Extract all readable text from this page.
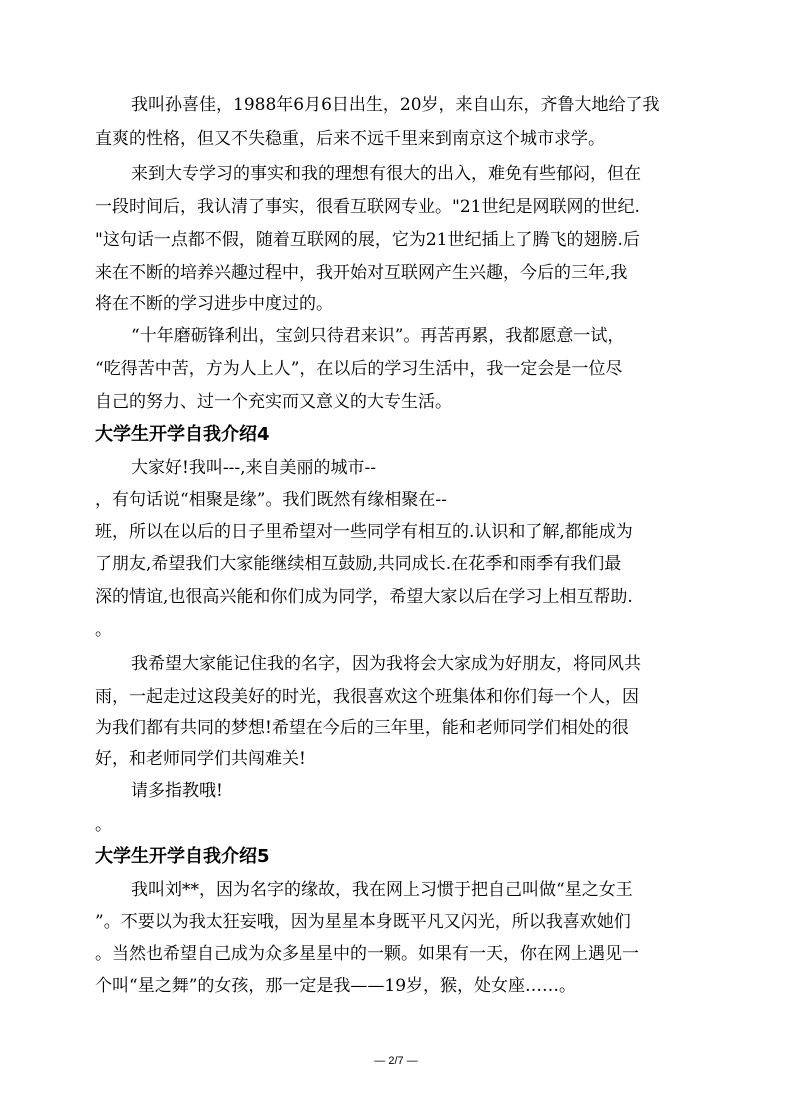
我叫孙喜佳，1988年6月6日出生，20岁，来自山东，齐鲁大地给了我
直爽的性格，但又不失稳重，后来不远千里来到南京这个城市求学。
来到大专学习的事实和我的理想有很大的出入，难免有些郁闷，但在
一段时间后，我认清了事实，很看互联网专业。"21世纪是网联网的世纪.
"这句话一点都不假，随着互联网的展，它为21世纪插上了腾飞的翅膀.后
来在不断的培养兴趣过程中，我开始对互联网产生兴趣，今后的三年,我
将在不断的学习进步中度过的。
“十年磨砺锋利出，宝剑只待君来识”。再苦再累，我都愿意一试，
“吃得苦中苦，方为人上人”，在以后的学习生活中，我一定会是一位尽
自己的努力、过一个充实而又意义的大专生活。
大学生开学自我介绍4
大家好!我叫---,来自美丽的城市--
，有句话说“相聚是缘”。我们既然有缘相聚在--
班，所以在以后的日子里希望对一些同学有相互的.认识和了解,都能成为
了朋友,希望我们大家能继续相互鼓励,共同成长.在花季和雨季有我们最
深的情谊,也很高兴能和你们成为同学，希望大家以后在学习上相互帮助.
。
我希望大家能记住我的名字，因为我将会大家成为好朋友，将同风共
雨，一起走过这段美好的时光，我很喜欢这个班集体和你们每一个人，因
为我们都有共同的梦想!希望在今后的三年里，能和老师同学们相处的很
好，和老师同学们共闯难关!
请多指教哦!
。
大学生开学自我介绍5
我叫刘**，因为名字的缘故，我在网上习惯于把自己叫做“星之女王
”。不要以为我太狂妄哦，因为星星本身既平凡又闪光，所以我喜欢她们
。当然也希望自己成为众多星星中的一颗。如果有一天，你在网上遇见一
个叫“星之舞”的女孩，那一定是我——19岁，猴，处女座……。
— 2/7 —
